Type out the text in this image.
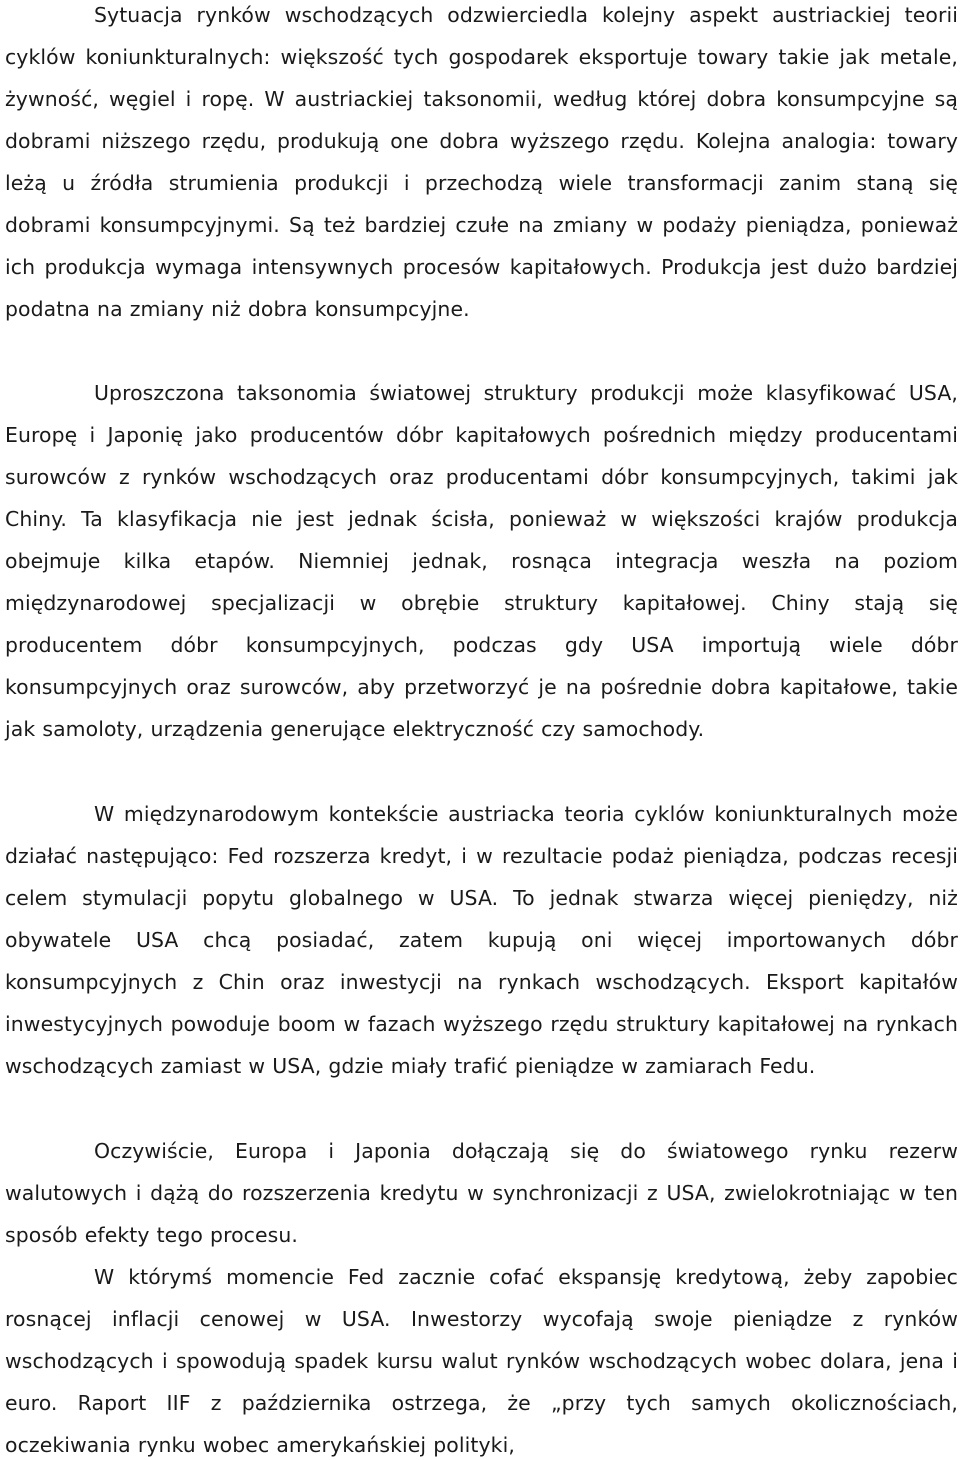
Sytuacja rynków wschodzących odzwierciedla kolejny aspekt austriackiej teorii cyklów koniunkturalnych: większość tych gospodarek eksportuje towary takie jak metale, żywność, węgiel i ropę. W austriackiej taksonomii, według której dobra konsumpcyjne są dobrami niższego rzędu, produkują one dobra wyższego rzędu. Kolejna analogia: towary leżą u źródła strumienia produkcji i przechodzą wiele transformacji zanim staną się dobrami konsumpcyjnymi. Są też bardziej czułe na zmiany w podaży pieniądza, ponieważ ich produkcja wymaga intensywnych procesów kapitałowych. Produkcja jest dużo bardziej podatna na zmiany niż dobra konsumpcyjne.

Uproszczona taksonomia światowej struktury produkcji może klasyfikować USA, Europę i Japonię jako producentów dóbr kapitałowych pośrednich między producentami surowców z rynków wschodzących oraz producentami dóbr konsumpcyjnych, takimi jak Chiny. Ta klasyfikacja nie jest jednak ścisła, ponieważ w większości krajów produkcja obejmuje kilka etapów. Niemniej jednak, rosnąca integracja weszła na poziom międzynarodowej specjalizacji w obrębie struktury kapitałowej. Chiny stają się producentem dóbr konsumpcyjnych, podczas gdy USA importują wiele dóbr konsumpcyjnych oraz surowców, aby przetworzyć je na pośrednie dobra kapitałowe, takie jak samoloty, urządzenia generujące elektryczność czy samochody.

W międzynarodowym kontekście austriacka teoria cyklów koniunkturalnych może działać następująco: Fed rozszerza kredyt, i w rezultacie podaż pieniądza, podczas recesji celem stymulacji popytu globalnego w USA. To jednak stwarza więcej pieniędzy, niż obywatele USA chcą posiadać, zatem kupują oni więcej importowanych dóbr konsumpcyjnych z Chin oraz inwestycji na rynkach wschodzących. Eksport kapitałów inwestycyjnych powoduje boom w fazach wyższego rzędu struktury kapitałowej na rynkach wschodzących zamiast w USA, gdzie miały trafić pieniądze w zamiarach Fedu.

Oczywiście, Europa i Japonia dołączają się do światowego rynku rezerw walutowych i dążą do rozszerzenia kredytu w synchronizacji z USA, zwielokrotniając w ten sposób efekty tego procesu.

W którymś momencie Fed zacznie cofać ekspansję kredytową, żeby zapobiec rosnącej inflacji cenowej w USA. Inwestorzy wycofają swoje pieniądze z rynków wschodzących i spowodują spadek kursu walut rynków wschodzących wobec dolara, jena i euro. Raport IIF z października ostrzega, że „przy tych samych okolicznościach, oczekiwania rynku wobec amerykańskiej polityki,
